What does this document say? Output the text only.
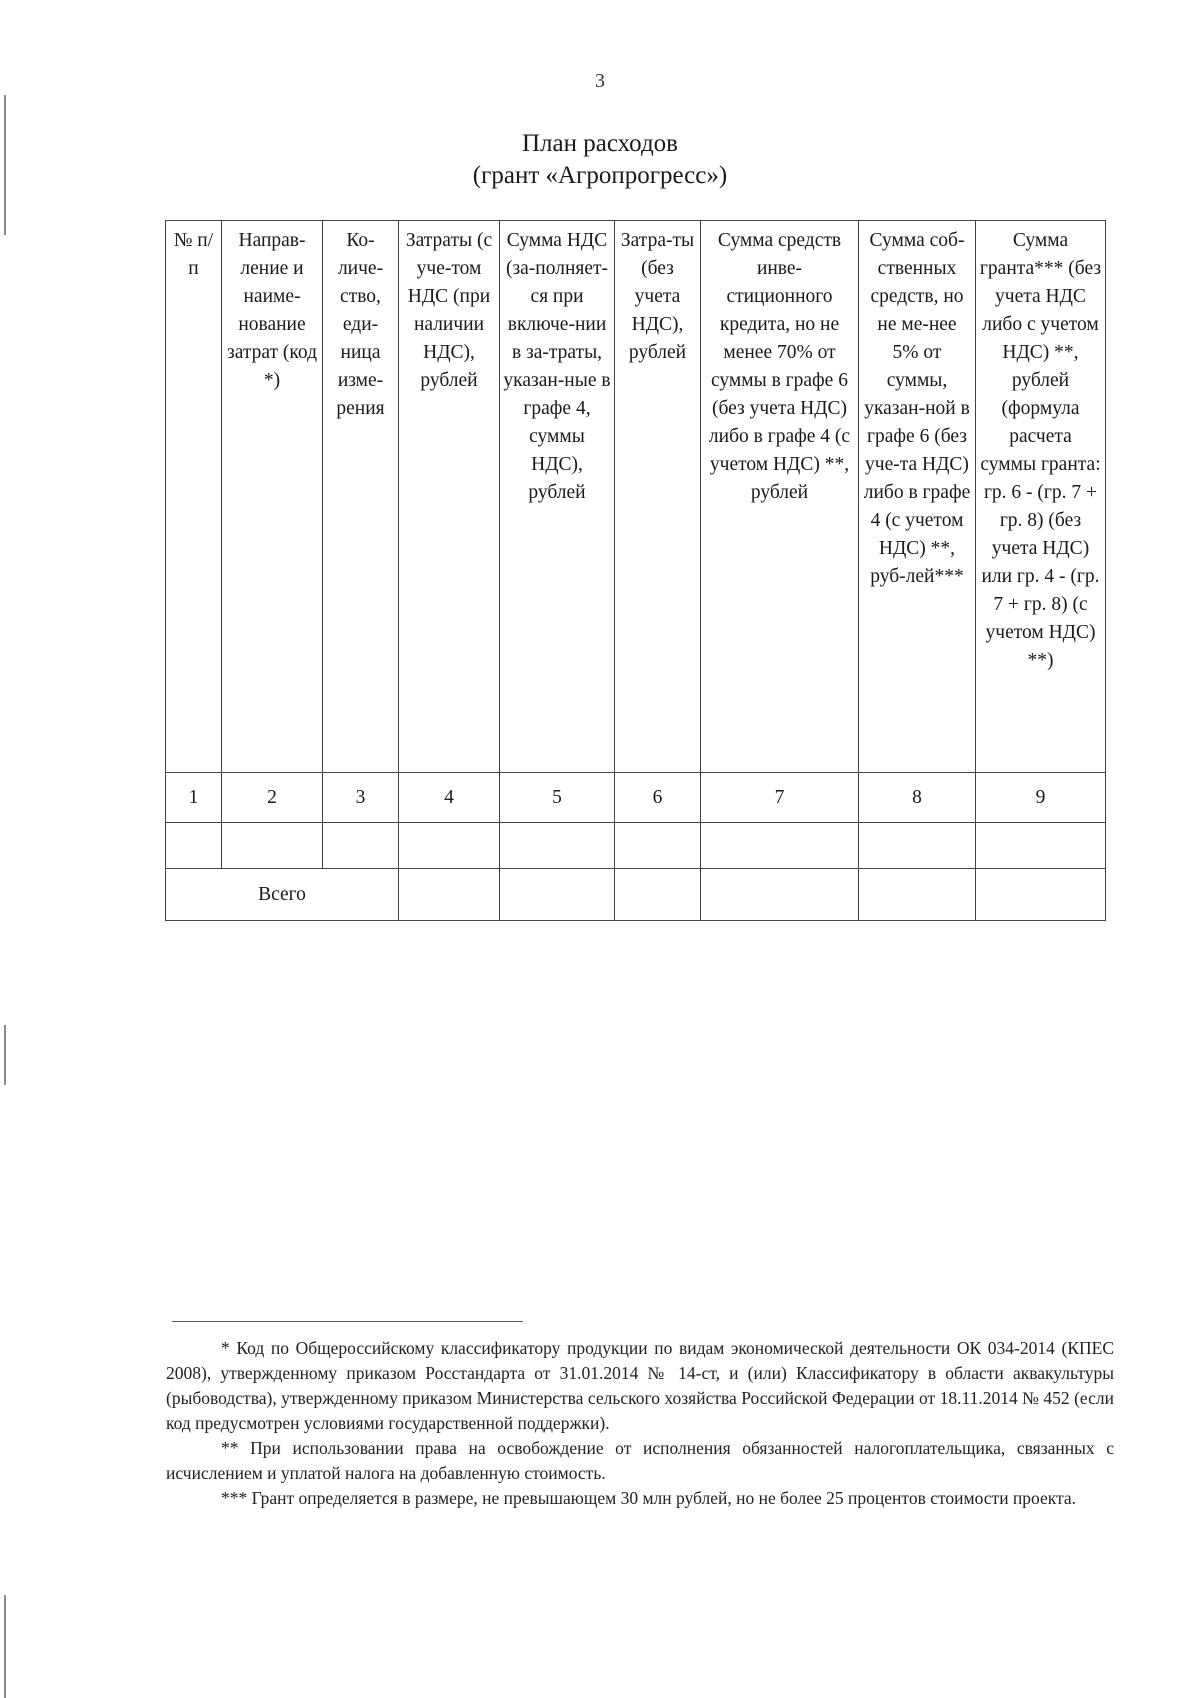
3
План расходов
(грант «Агропрогресс»)
№ п/п	Направ-ление и наиме-нование затрат (код *)	Ко-личе-ство, еди-ница изме-рения	Затраты (с уче-том НДС (при наличии НДС), рублей	Сумма НДС (за-полняет-ся при включе-нии в за-траты, указан-ные в графе 4, суммы НДС), рублей	Затра-ты (без учета НДС), рублей	Сумма средств инве-стиционного кредита, но не менее 70% от суммы в графе 6 (без учета НДС) либо в графе 4 (с учетом НДС) **, рублей	Сумма соб-ственных средств, но не ме-нее 5% от суммы, указан-ной в графе 6 (без уче-та НДС) либо в графе 4 (с учетом НДС) **, руб-лей***	Сумма гранта*** (без учета НДС либо с учетом НДС) **, рублей (формула расчета суммы гранта: гр. 6 - (гр. 7 + гр. 8) (без учета НДС) или гр. 4 - (гр. 7 + гр. 8) (с учетом НДС) **)

1	2	3	4	5	6	7	8	9

Всего								

* Код по Общероссийскому классификатору продукции по видам экономической деятельности ОК 034-2014 (КПЕС 2008), утвержденному приказом Росстандарта от 31.01.2014 № 14-ст, и (или) Классификатору в области аквакультуры (рыбоводства), утвержденному приказом Министерства сельского хозяйства Российской Федерации от 18.11.2014 № 452 (если код предусмотрен условиями государственной поддержки).

** При использовании права на освобождение от исполнения обязанностей налогоплательщика, связанных с исчислением и уплатой налога на добавленную стоимость.

*** Грант определяется в размере, не превышающем 30 млн рублей, но не более 25 процентов стоимости проекта.
